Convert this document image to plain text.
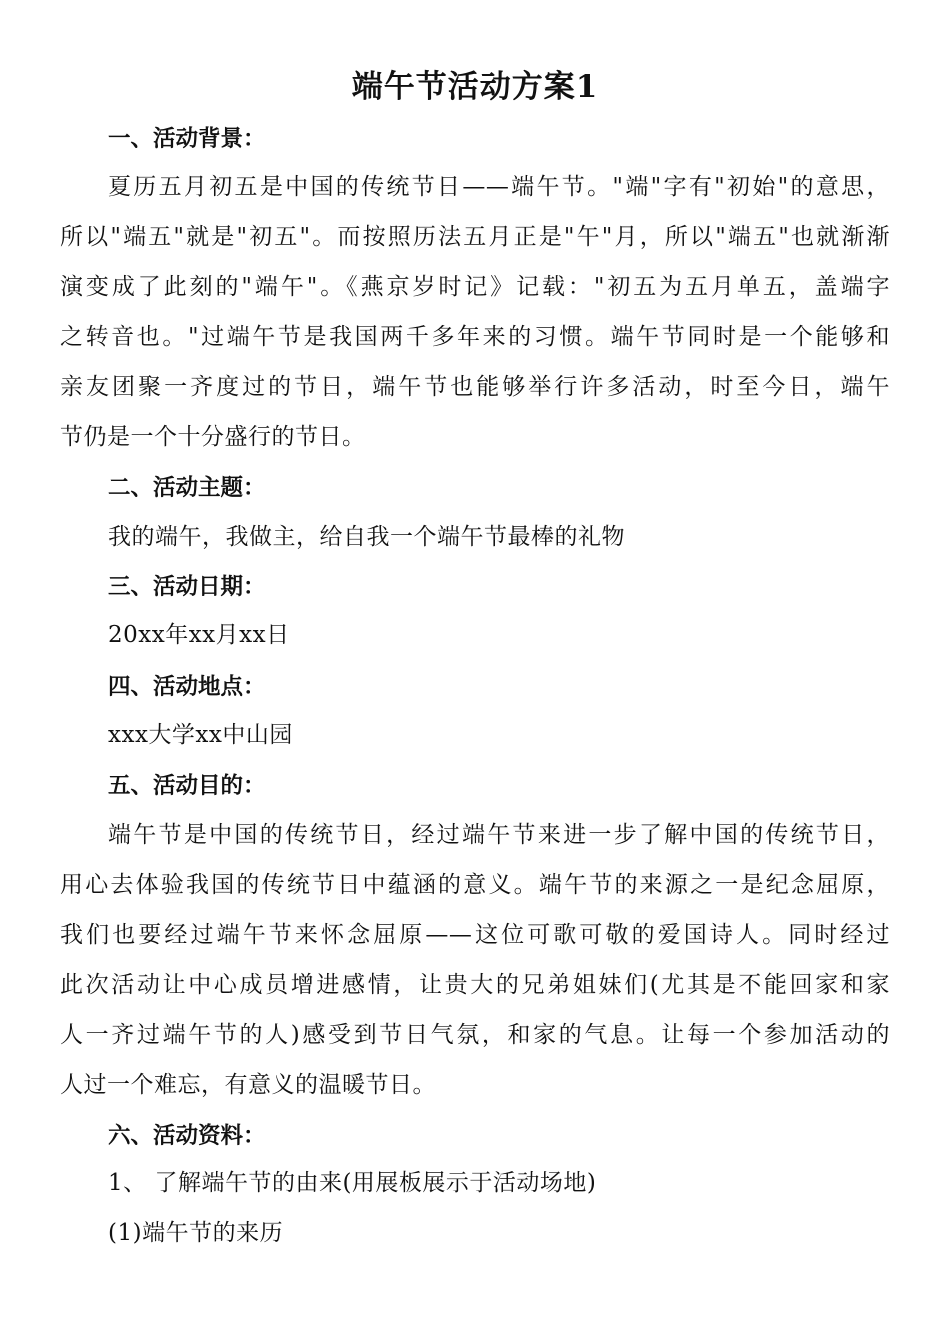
端午节活动方案1
一、活动背景：
夏历五月初五是中国的传统节日——端午节。"端"字有"初始"的意思，
所以"端五"就是"初五"。而按照历法五月正是"午"月，所以"端五"也就渐渐
演变成了此刻的"端午"。《燕京岁时记》记载："初五为五月单五，盖端字
之转音也。"过端午节是我国两千多年来的习惯。端午节同时是一个能够和
亲友团聚一齐度过的节日，端午节也能够举行许多活动，时至今日，端午
节仍是一个十分盛行的节日。
二、活动主题：
我的端午，我做主，给自我一个端午节最棒的礼物
三、活动日期：
20xx年xx月xx日
四、活动地点：
xxx大学xx中山园
五、活动目的：
端午节是中国的传统节日，经过端午节来进一步了解中国的传统节日，
用心去体验我国的传统节日中蕴涵的意义。端午节的来源之一是纪念屈原，
我们也要经过端午节来怀念屈原——这位可歌可敬的爱国诗人。同时经过
此次活动让中心成员增进感情，让贵大的兄弟姐妹们(尤其是不能回家和家
人一齐过端午节的人)感受到节日气氛，和家的气息。让每一个参加活动的
人过一个难忘，有意义的温暖节日。
六、活动资料：
1、 了解端午节的由来(用展板展示于活动场地)
(1)端午节的来历
